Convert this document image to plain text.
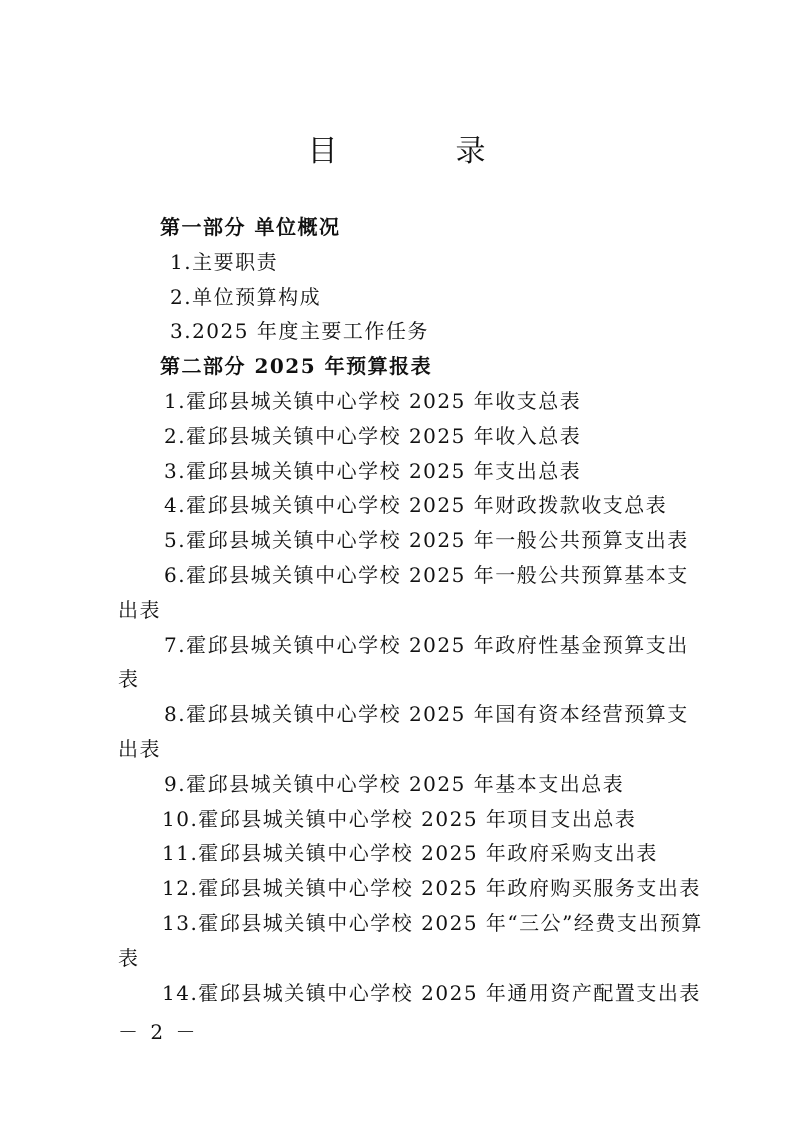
目　录
第一部分 单位概况
1.主要职责
2.单位预算构成
3.2025 年度主要工作任务
第二部分 2025 年预算报表
1.霍邱县城关镇中心学校 2025 年收支总表
2.霍邱县城关镇中心学校 2025 年收入总表
3.霍邱县城关镇中心学校 2025 年支出总表
4.霍邱县城关镇中心学校 2025 年财政拨款收支总表
5.霍邱县城关镇中心学校 2025 年一般公共预算支出表
6.霍邱县城关镇中心学校 2025 年一般公共预算基本支
出表
7.霍邱县城关镇中心学校 2025 年政府性基金预算支出
表
8.霍邱县城关镇中心学校 2025 年国有资本经营预算支
出表
9.霍邱县城关镇中心学校 2025 年基本支出总表
10.霍邱县城关镇中心学校 2025 年项目支出总表
11.霍邱县城关镇中心学校 2025 年政府采购支出表
12.霍邱县城关镇中心学校 2025 年政府购买服务支出表
13.霍邱县城关镇中心学校 2025 年“三公”经费支出预算
表
14.霍邱县城关镇中心学校 2025 年通用资产配置支出表
－ 2 －
